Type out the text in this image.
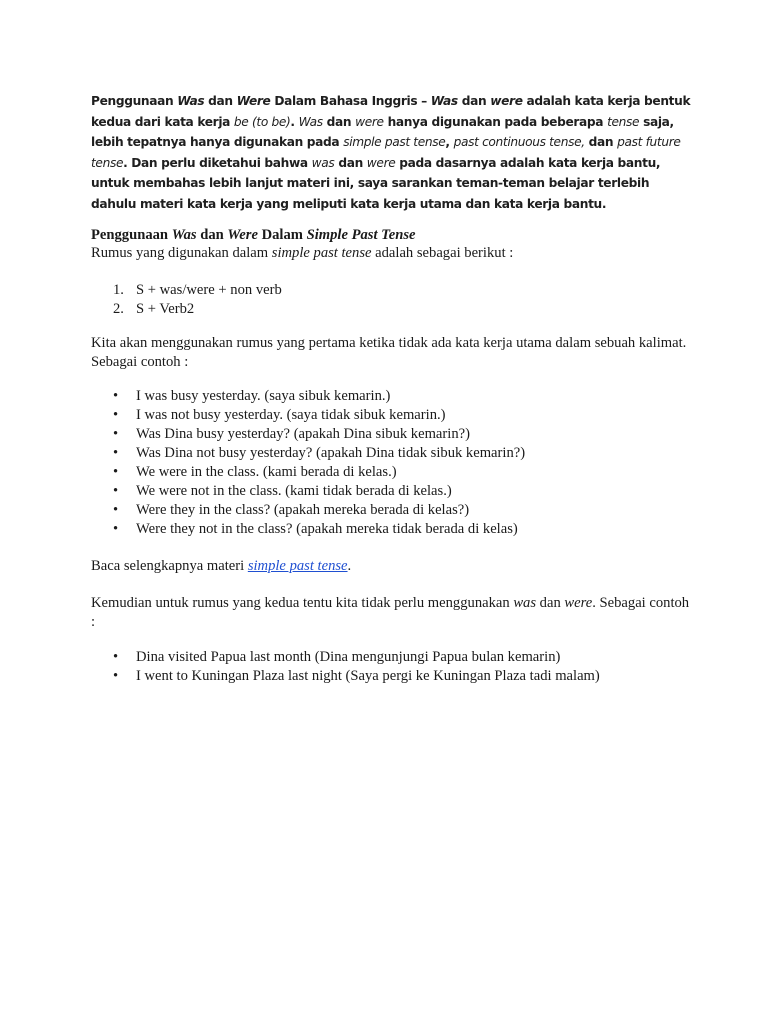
Penggunaan Was dan Were Dalam Bahasa Inggris – Was dan were adalah kata kerja bentuk kedua dari kata kerja be (to be). Was dan were hanya digunakan pada beberapa tense saja, lebih tepatnya hanya digunakan pada simple past tense, past continuous tense, dan past future tense. Dan perlu diketahui bahwa was dan were pada dasarnya adalah kata kerja bantu, untuk membahas lebih lanjut materi ini, saya sarankan teman-teman belajar terlebih dahulu materi kata kerja yang meliputi kata kerja utama dan kata kerja bantu.

Penggunaan Was dan Were Dalam Simple Past Tense
Rumus yang digunakan dalam simple past tense adalah sebagai berikut :
1. S + was/were + non verb
2. S + Verb2
Kita akan menggunakan rumus yang pertama ketika tidak ada kata kerja utama dalam sebuah kalimat. Sebagai contoh :
• I was busy yesterday. (saya sibuk kemarin.)
• I was not busy yesterday. (saya tidak sibuk kemarin.)
• Was Dina busy yesterday? (apakah Dina sibuk kemarin?)
• Was Dina not busy yesterday? (apakah Dina tidak sibuk kemarin?)
• We were in the class. (kami berada di kelas.)
• We were not in the class. (kami tidak berada di kelas.)
• Were they in the class? (apakah mereka berada di kelas?)
• Were they not in the class? (apakah mereka tidak berada di kelas)
Baca selengkapnya materi simple past tense.
Kemudian untuk rumus yang kedua tentu kita tidak perlu menggunakan was dan were. Sebagai contoh :
• Dina visited Papua last month (Dina mengunjungi Papua bulan kemarin)
• I went to Kuningan Plaza last night (Saya pergi ke Kuningan Plaza tadi malam)
